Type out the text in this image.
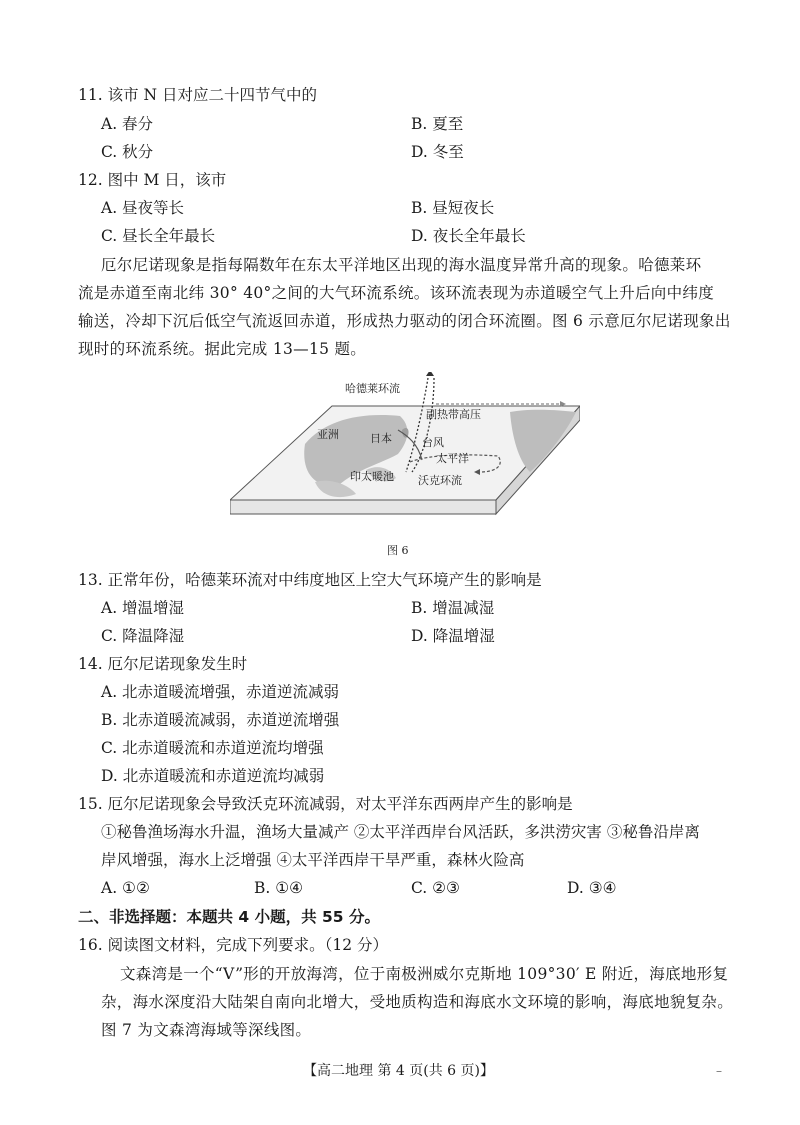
11. 该市 N 日对应二十四节气中的
A. 春分	B. 夏至
C. 秋分	D. 冬至
12. 图中 M 日，该市
A. 昼夜等长	B. 昼短夜长
C. 昼长全年最长	D. 夜长全年最长
厄尔尼诺现象是指每隔数年在东太平洋地区出现的海水温度异常升高的现象。哈德莱环
流是赤道至南北纬 30° 40°之间的大气环流系统。该环流表现为赤道暖空气上升后向中纬度
输送，冷却下沉后低空气流返回赤道，形成热力驱动的闭合环流圈。图 6 示意厄尔尼诺现象出
现时的环流系统。据此完成 13—15 题。
哈德莱环流
副热带高压
亚洲	日本	台风
太平洋
印太暖池 沃克环流
图 6
13. 正常年份，哈德莱环流对中纬度地区上空大气环境产生的影响是
A. 增温增湿	B. 增温减湿
C. 降温降湿	D. 降温增湿
14. 厄尔尼诺现象发生时
A. 北赤道暖流增强，赤道逆流减弱
B. 北赤道暖流减弱，赤道逆流增强
C. 北赤道暖流和赤道逆流均增强
D. 北赤道暖流和赤道逆流均减弱
15. 厄尔尼诺现象会导致沃克环流减弱，对太平洋东西两岸产生的影响是
①秘鲁渔场海水升温，渔场大量减产 ②太平洋西岸台风活跃，多洪涝灾害 ③秘鲁沿岸离
岸风增强，海水上泛增强 ④太平洋西岸干旱严重，森林火险高
A. ①②	B. ①④	C. ②③	D. ③④
二、非选择题：本题共 4 小题，共 55 分。
16. 阅读图文材料，完成下列要求。（12 分）
文森湾是一个“V”形的开放海湾，位于南极洲威尔克斯地 109°30′ E 附近，海底地形复
杂，海水深度沿大陆架自南向北增大，受地质构造和海底水文环境的影响，海底地貌复杂。
图 7 为文森湾海域等深线图。
【高二地理 第 4 页(共 6 页)】	–
